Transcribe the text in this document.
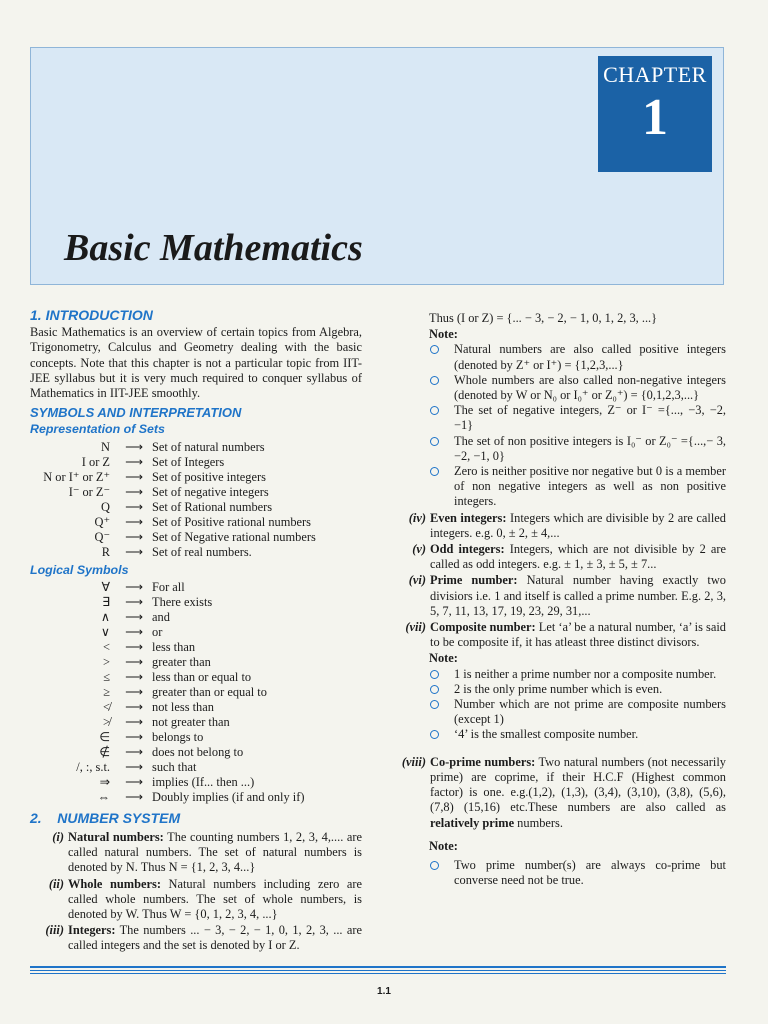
CHAPTER
1
Basic Mathematics
1. INTRODUCTION

Basic Mathematics is an overview of certain topics from Algebra, Trigonometry, Calculus and Geometry dealing with the basic concepts. Note that this chapter is not a particular topic from IIT-JEE syllabus but it is very much required to conquer syllabus of Mathematics in IIT-JEE smoothly.

SYMBOLS AND INTERPRETATION
Representation of Sets
N	⟶	Set of natural numbers
I or Z	⟶	Set of Integers
N or I⁺ or Z⁺	⟶	Set of positive integers
I⁻ or Z⁻	⟶	Set of negative integers
Q	⟶	Set of Rational numbers
Q⁺	⟶	Set of Positive rational numbers
Q⁻	⟶	Set of Negative rational numbers
R	⟶	Set of real numbers.
Logical Symbols
∀	⟶	For all
∃	⟶	There exists
∧	⟶	and
∨	⟶	or
<	⟶	less than
>	⟶	greater than
≤	⟶	less than or equal to
≥	⟶	greater than or equal to
≮	⟶	not less than
≯	⟶	not greater than
∈	⟶	belongs to
∉	⟶	does not belong to
/, :, s.t.	⟶	such that
⇒	⟶	implies (If... then ...)
⇔	⟶	Doubly implies (if and only if)
2.    NUMBER SYSTEM
(i) Natural numbers: The counting numbers 1, 2, 3, 4,.... are called natural numbers. The set of natural numbers is denoted by N. Thus N = {1, 2, 3, 4...}
(ii) Whole numbers: Natural numbers including zero are called whole numbers. The set of whole numbers, is denoted by W. Thus W = {0, 1, 2, 3, 4, ...}
(iii) Integers: The numbers ... − 3, − 2, − 1, 0, 1, 2, 3, ... are called integers and the set is denoted by I or Z.
Thus (I or Z) = {... − 3, − 2, − 1, 0, 1, 2, 3, ...}
Note:
Natural numbers are also called positive integers (denoted by Z⁺ or I⁺) = {1,2,3,...}
Whole numbers are also called non-negative integers (denoted by W or N₀ or I₀⁺ or Z₀⁺) = {0,1,2,3,...}
The set of negative integers, Z⁻ or I⁻ ={..., −3, −2, −1}
The set of non positive integers is I₀⁻ or Z₀⁻ ={...,− 3, −2, −1, 0}
Zero is neither positive nor negative but 0 is a member of non negative integers as well as non positive integers.
(iv) Even integers: Integers which are divisible by 2 are called integers. e.g. 0, ± 2, ± 4,...
(v) Odd integers: Integers, which are not divisible by 2 are called as odd integers. e.g. ± 1, ± 3, ± 5, ± 7...
(vi) Prime number: Natural number having exactly two divisiors i.e. 1 and itself is called a prime number. E.g. 2, 3, 5, 7, 11, 13, 17, 19, 23, 29, 31,...
(vii) Composite number: Let ‘a’ be a natural number, ‘a’ is said to be composite if, it has atleast three distinct divisors.
Note:
1 is neither a prime number nor a composite number.
2 is the only prime number which is even.
Number which are not prime are composite numbers (except 1)
‘4’ is the smallest composite number.
(viii) Co-prime numbers: Two natural numbers (not necessarily prime) are coprime, if their H.C.F (Highest common factor) is one. e.g.(1,2), (1,3), (3,4), (3,10), (3,8), (5,6), (7,8) (15,16) etc.These numbers are also called as relatively prime numbers.
Note:
Two prime number(s) are always co-prime but converse need not be true.
1.1
